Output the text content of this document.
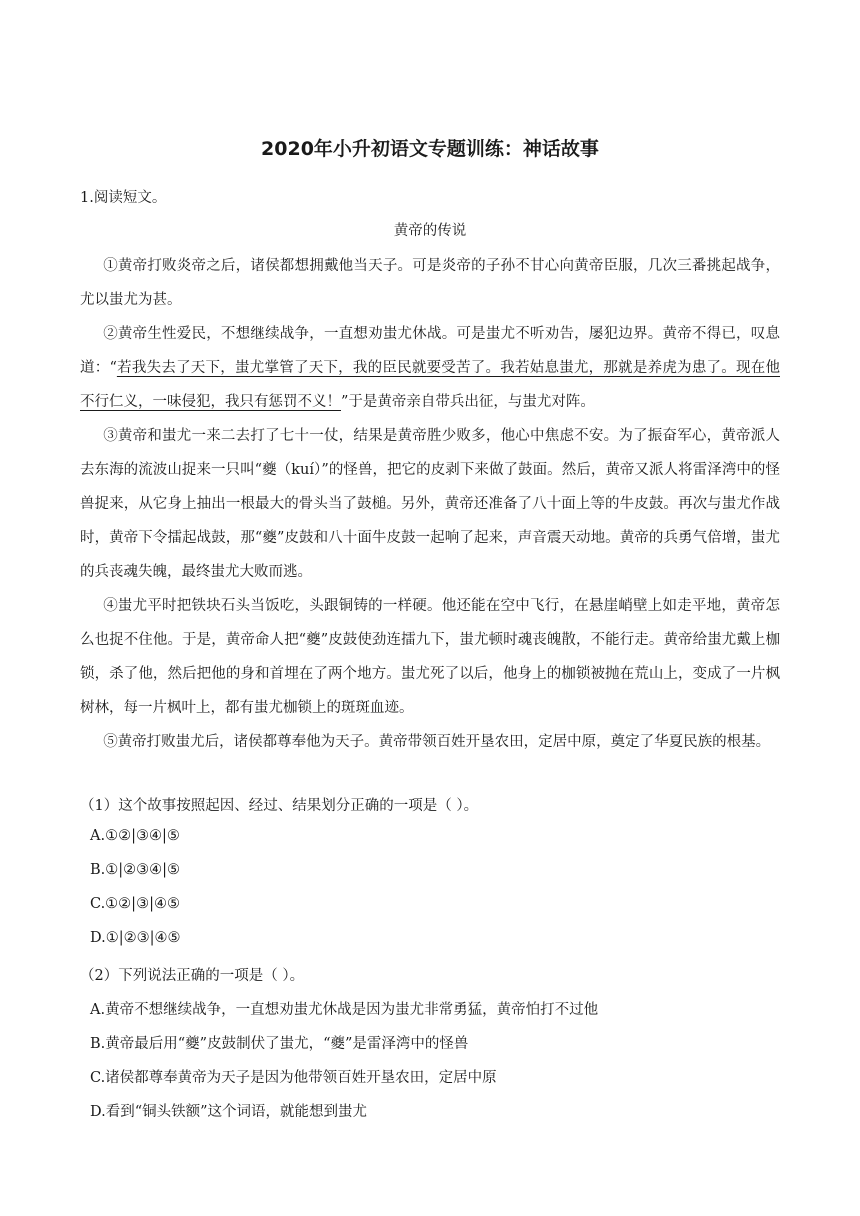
2020年小升初语文专题训练：神话故事
1.阅读短文。
黄帝的传说
①黄帝打败炎帝之后，诸侯都想拥戴他当天子。可是炎帝的子孙不甘心向黄帝臣服，几次三番挑起战争，尤以蚩尤为甚。
②黄帝生性爱民，不想继续战争，一直想劝蚩尤休战。可是蚩尤不听劝告，屡犯边界。黄帝不得已，叹息道：“若我失去了天下，蚩尤掌管了天下，我的臣民就要受苦了。我若姑息蚩尤，那就是养虎为患了。现在他不行仁义，一味侵犯，我只有惩罚不义！”于是黄帝亲自带兵出征，与蚩尤对阵。
③黄帝和蚩尤一来二去打了七十一仗，结果是黄帝胜少败多，他心中焦虑不安。为了振奋军心，黄帝派人去东海的流波山捉来一只叫“夔（kuí）”的怪兽，把它的皮剥下来做了鼓面。然后，黄帝又派人将雷泽湾中的怪兽捉来，从它身上抽出一根最大的骨头当了鼓槌。另外，黄帝还准备了八十面上等的牛皮鼓。再次与蚩尤作战时，黄帝下令擂起战鼓，那“夔”皮鼓和八十面牛皮鼓一起响了起来，声音震天动地。黄帝的兵勇气倍增，蚩尤的兵丧魂失魄，最终蚩尤大败而逃。
④蚩尤平时把铁块石头当饭吃，头跟铜铸的一样硬。他还能在空中飞行，在悬崖峭壁上如走平地，黄帝怎么也捉不住他。于是，黄帝命人把“夔”皮鼓使劲连擂九下，蚩尤顿时魂丧魄散，不能行走。黄帝给蚩尤戴上枷锁，杀了他，然后把他的身和首埋在了两个地方。蚩尤死了以后，他身上的枷锁被抛在荒山上，变成了一片枫树林，每一片枫叶上，都有蚩尤枷锁上的斑斑血迹。
⑤黄帝打败蚩尤后，诸侯都尊奉他为天子。黄帝带领百姓开垦农田，定居中原，奠定了华夏民族的根基。
（1）这个故事按照起因、经过、结果划分正确的一项是（ ）。
A.①②|③④|⑤
B.①|②③④|⑤
C.①②|③|④⑤
D.①|②③|④⑤
（2）下列说法正确的一项是（ ）。
A.黄帝不想继续战争，一直想劝蚩尤休战是因为蚩尤非常勇猛，黄帝怕打不过他
B.黄帝最后用“夔”皮鼓制伏了蚩尤，“夔”是雷泽湾中的怪兽
C.诸侯都尊奉黄帝为天子是因为他带领百姓开垦农田，定居中原
D.看到“铜头铁额”这个词语，就能想到蚩尤
